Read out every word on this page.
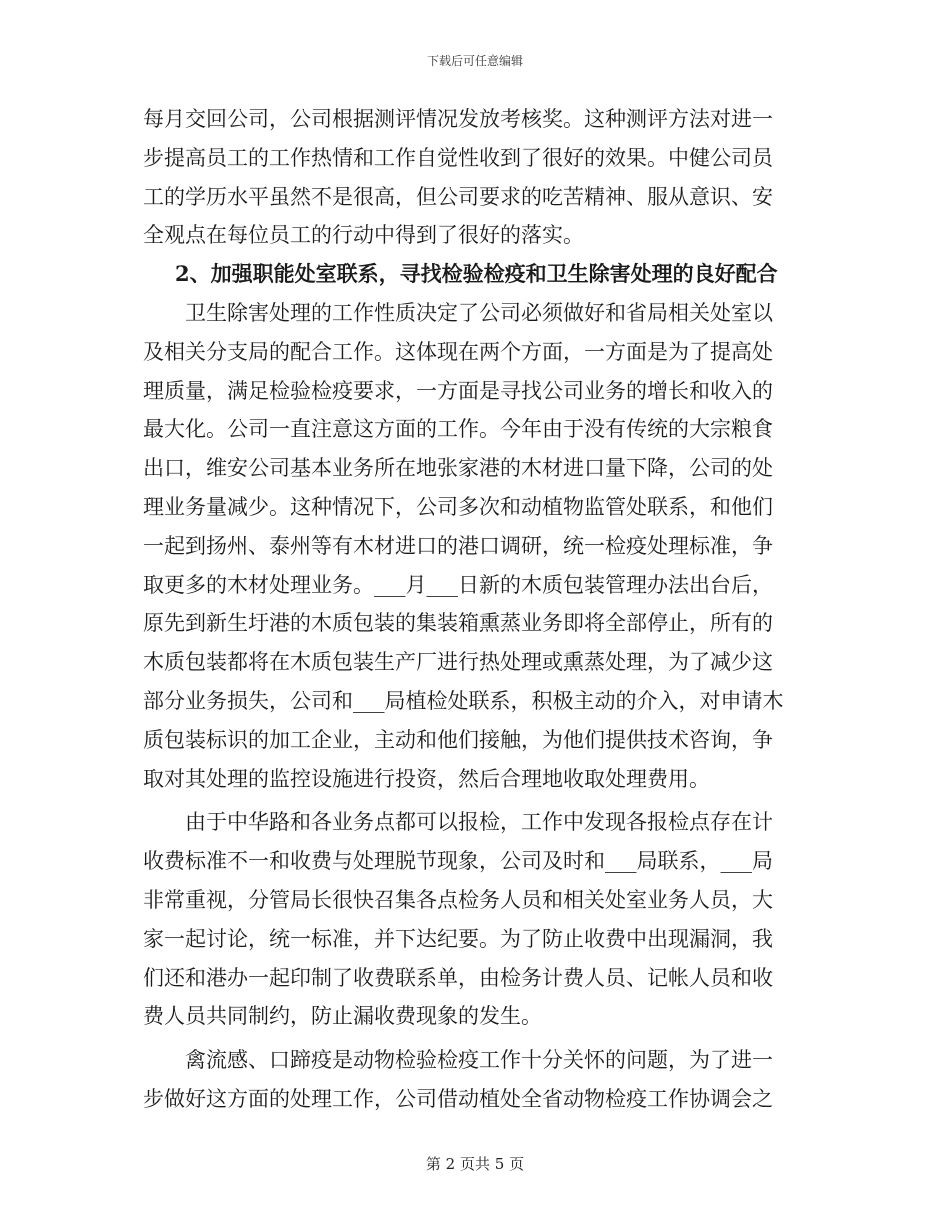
下载后可任意编辑

每月交回公司，公司根据测评情况发放考核奖。这种测评方法对进一
步提高员工的工作热情和工作自觉性收到了很好的效果。中健公司员
工的学历水平虽然不是很高，但公司要求的吃苦精神、服从意识、安
全观点在每位员工的行动中得到了很好的落实。

2、加强职能处室联系，寻找检验检疫和卫生除害处理的良好配合

　　卫生除害处理的工作性质决定了公司必须做好和省局相关处室以
及相关分支局的配合工作。这体现在两个方面，一方面是为了提高处
理质量，满足检验检疫要求，一方面是寻找公司业务的增长和收入的
最大化。公司一直注意这方面的工作。今年由于没有传统的大宗粮食
出口，维安公司基本业务所在地张家港的木材进口量下降，公司的处
理业务量减少。这种情况下，公司多次和动植物监管处联系，和他们
一起到扬州、泰州等有木材进口的港口调研，统一检疫处理标准，争
取更多的木材处理业务。___月___日新的木质包装管理办法出台后，
原先到新生圩港的木质包装的集装箱熏蒸业务即将全部停止，所有的
木质包装都将在木质包装生产厂进行热处理或熏蒸处理，为了减少这
部分业务损失，公司和___局植检处联系，积极主动的介入，对申请木
质包装标识的加工企业，主动和他们接触，为他们提供技术咨询，争
取对其处理的监控设施进行投资，然后合理地收取处理费用。

　　由于中华路和各业务点都可以报检，工作中发现各报检点存在计
收费标准不一和收费与处理脱节现象，公司及时和___局联系，___局
非常重视，分管局长很快召集各点检务人员和相关处室业务人员，大
家一起讨论，统一标准，并下达纪要。为了防止收费中出现漏洞，我
们还和港办一起印制了收费联系单，由检务计费人员、记帐人员和收
费人员共同制约，防止漏收费现象的发生。

　　禽流感、口蹄疫是动物检验检疫工作十分关怀的问题，为了进一
步做好这方面的处理工作，公司借动植处全省动物检疫工作协调会之

第 2 页共 5 页
